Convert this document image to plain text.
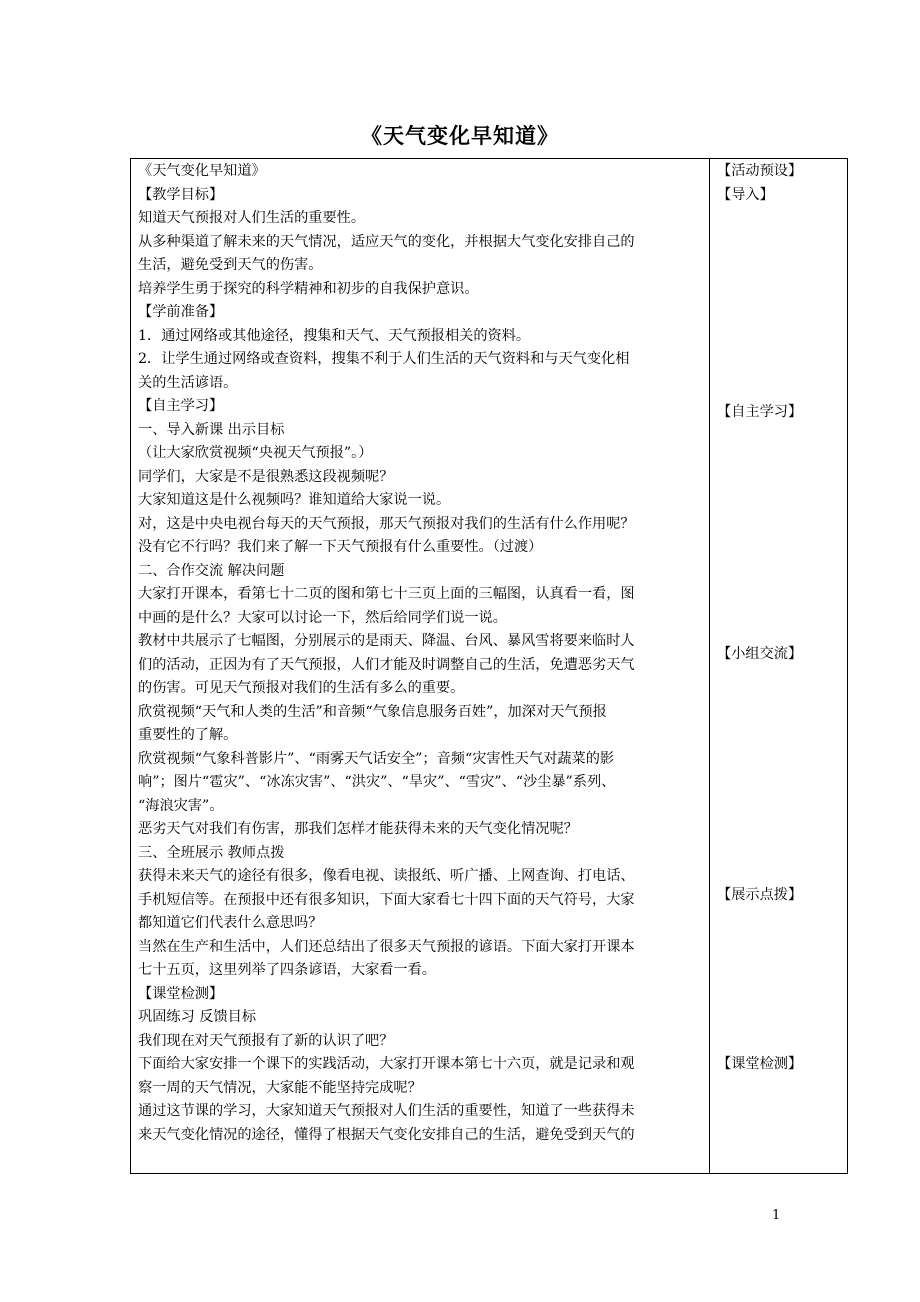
《天气变化早知道》

《天气变化早知道》

【教学目标】

知道天气预报对人们生活的重要性。

从多种渠道了解未来的天气情况，适应天气的变化，并根据大气变化安排自己的

生活，避免受到天气的伤害。

培养学生勇于探究的科学精神和初步的自我保护意识。

【学前准备】

1．通过网络或其他途径，搜集和天气、天气预报相关的资料。

2．让学生通过网络或查资料，搜集不利于人们生活的天气资料和与天气变化相

关的生活谚语。

【自主学习】

一、导入新课 出示目标

（让大家欣赏视频“央视天气预报”。）

同学们，大家是不是很熟悉这段视频呢？

大家知道这是什么视频吗？谁知道给大家说一说。

对，这是中央电视台每天的天气预报，那天气预报对我们的生活有什么作用呢？

没有它不行吗？我们来了解一下天气预报有什么重要性。（过渡）

二、合作交流 解决问题

大家打开课本，看第七十二页的图和第七十三页上面的三幅图，认真看一看，图

中画的是什么？大家可以讨论一下，然后给同学们说一说。

教材中共展示了七幅图，分别展示的是雨天、降温、台风、暴风雪将要来临时人

们的活动，正因为有了天气预报，人们才能及时调整自己的生活，免遭恶劣天气

的伤害。可见天气预报对我们的生活有多么的重要。

欣赏视频“天气和人类的生活”和音频“气象信息服务百姓”，加深对天气预报

重要性的了解。

欣赏视频“气象科普影片”、“雨雾天气话安全”；音频“灾害性天气对蔬菜的影

响”；图片“雹灾”、“冰冻灾害”、“洪灾”、“旱灾”、“雪灾”、“沙尘暴”系列、

“海浪灾害”。

恶劣天气对我们有伤害，那我们怎样才能获得未来的天气变化情况呢？

三、全班展示 教师点拨

获得未来天气的途径有很多，像看电视、读报纸、听广播、上网查询、打电话、

手机短信等。在预报中还有很多知识，下面大家看七十四下面的天气符号，大家

都知道它们代表什么意思吗？

当然在生产和生活中，人们还总结出了很多天气预报的谚语。下面大家打开课本

七十五页，这里列举了四条谚语，大家看一看。

【课堂检测】

巩固练习 反馈目标

我们现在对天气预报有了新的认识了吧？

下面给大家安排一个课下的实践活动，大家打开课本第七十六页，就是记录和观

察一周的天气情况，大家能不能坚持完成呢？

通过这节课的学习，大家知道天气预报对人们生活的重要性，知道了一些获得未

来天气变化情况的途径，懂得了根据天气变化安排自己的生活，避免受到天气的

【活动预设】
【导入】
【自主学习】
【小组交流】
【展示点拨】
【课堂检测】
1
